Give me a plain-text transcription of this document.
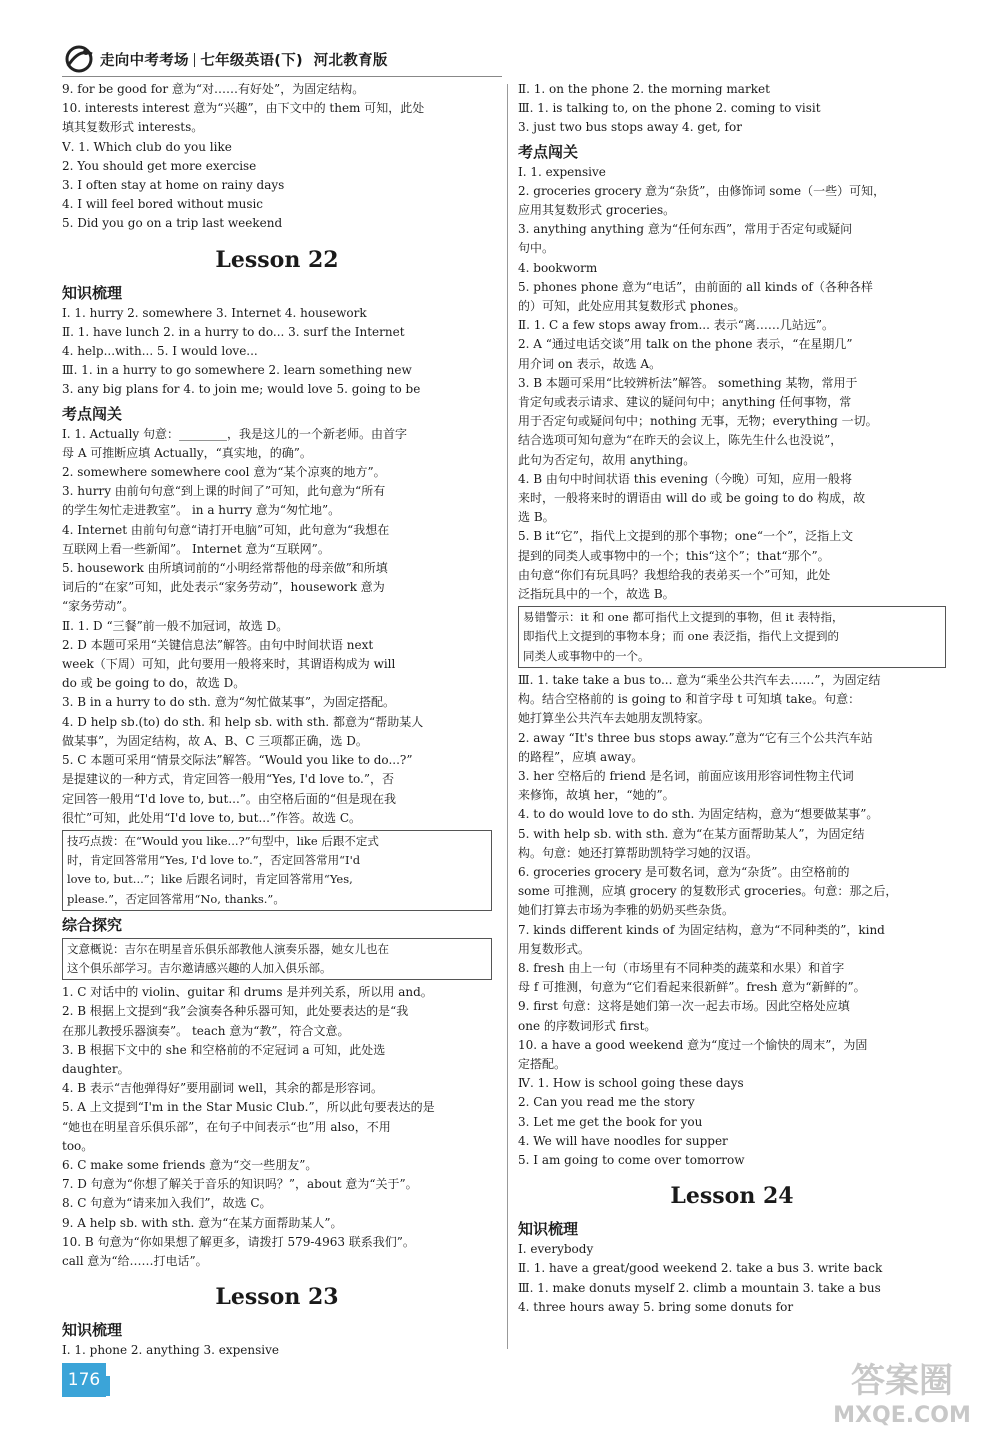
走向中考考场 七年级英语(下) 河北教育版
9. for be good for 意为“对……有好处”，为固定结构。
10. interests interest 意为“兴趣”，由下文中的 them 可知，此处
填其复数形式 interests。
Ⅴ. 1. Which club do you like
2. You should get more exercise
3. I often stay at home on rainy days
4. I will feel bored without music
5. Did you go on a trip last weekend
Lesson 22
知识梳理
Ⅰ. 1. hurry 2. somewhere 3. Internet 4. housework
Ⅱ. 1. have lunch 2. in a hurry to do... 3. surf the Internet
4. help...with... 5. I would love...
Ⅲ. 1. in a hurry to go somewhere 2. learn something new
3. any big plans for 4. to join me; would love 5. going to be
考点闯关
Ⅰ. 1. Actually 句意：________，我是这儿的一个新老师。由首字
母 A 可推断应填 Actually，“真实地，的确”。
2. somewhere somewhere cool 意为“某个凉爽的地方”。
3. hurry 由前句句意“到上课的时间了”可知，此句意为“所有
的学生匆忙走进教室”。 in a hurry 意为“匆忙地”。
4. Internet 由前句句意“请打开电脑”可知，此句意为“我想在
互联网上看一些新闻”。 Internet 意为“互联网”。
5. housework 由所填词前的“小明经常帮他的母亲做”和所填
词后的“在家”可知，此处表示“家务劳动”，housework 意为
“家务劳动”。
Ⅱ. 1. D “三餐”前一般不加冠词，故选 D。
2. D 本题可采用“关键信息法”解答。由句中时间状语 next
week（下周）可知，此句要用一般将来时，其谓语构成为 will
do 或 be going to do，故选 D。
3. B in a hurry to do sth. 意为“匆忙做某事”，为固定搭配。
4. D help sb.(to) do sth. 和 help sb. with sth. 都意为“帮助某人
做某事”，为固定结构，故 A、B、C 三项都正确，选 D。
5. C 本题可采用“情景交际法”解答。“Would you like to do...?”
是提建议的一种方式，肯定回答一般用“Yes, I'd love to.”，否
定回答一般用“I'd love to, but...”。由空格后面的“但是现在我
很忙”可知，此处用“I'd love to, but...”作答。故选 C。
技巧点拨：在“Would you like...?”句型中，like 后跟不定式
时，肯定回答常用“Yes, I'd love to.”，否定回答常用“I'd
love to, but...”；like 后跟名词时，肯定回答常用“Yes,
please.”，否定回答常用“No, thanks.”。
综合探究
文意概说：吉尔在明星音乐俱乐部教他人演奏乐器，她女儿也在
这个俱乐部学习。吉尔邀请感兴趣的人加入俱乐部。
1. C 对话中的 violin、guitar 和 drums 是并列关系，所以用 and。
2. B 根据上文提到“我”会演奏各种乐器可知，此处要表达的是“我
在那儿教授乐器演奏”。 teach 意为“教”，符合文意。
3. B 根据下文中的 she 和空格前的不定冠词 a 可知，此处选
daughter。
4. B 表示“吉他弹得好”要用副词 well，其余的都是形容词。
5. A 上文提到“I'm in the Star Music Club.”，所以此句要表达的是
“她也在明星音乐俱乐部”，在句子中间表示“也”用 also，不用
too。
6. C make some friends 意为“交一些朋友”。
7. D 句意为“你想了解关于音乐的知识吗？”，about 意为“关于”。
8. C 句意为“请来加入我们”，故选 C。
9. A help sb. with sth. 意为“在某方面帮助某人”。
10. B 句意为“你如果想了解更多，请拨打 579-4963 联系我们”。
call 意为“给……打电话”。
Lesson 23
知识梳理
Ⅰ. 1. phone 2. anything 3. expensive
Ⅱ. 1. on the phone 2. the morning market
Ⅲ. 1. is talking to, on the phone 2. coming to visit
3. just two bus stops away 4. get, for
考点闯关
Ⅰ. 1. expensive
2. groceries grocery 意为“杂货”，由修饰词 some（一些）可知，
应用其复数形式 groceries。
3. anything anything 意为“任何东西”，常用于否定句或疑问
句中。
4. bookworm
5. phones phone 意为“电话”，由前面的 all kinds of（各种各样
的）可知，此处应用其复数形式 phones。
Ⅱ. 1. C a few stops away from... 表示“离……几站远”。
2. A “通过电话交谈”用 talk on the phone 表示，“在星期几”
用介词 on 表示，故选 A。
3. B 本题可采用“比较辨析法”解答。 something 某物，常用于
肯定句或表示请求、建议的疑问句中；anything 任何事物，常
用于否定句或疑问句中；nothing 无事，无物；everything 一切。
结合选项可知句意为“在昨天的会议上，陈先生什么也没说”，
此句为否定句，故用 anything。
4. B 由句中时间状语 this evening（今晚）可知，应用一般将
来时，一般将来时的谓语由 will do 或 be going to do 构成，故
选 B。
5. B it“它”，指代上文提到的那个事物；one“一个”，泛指上文
提到的同类人或事物中的一个；this“这个”；that“那个”。
由句意“你们有玩具吗？我想给我的表弟买一个”可知，此处
泛指玩具中的一个，故选 B。
易错警示：it 和 one 都可指代上文提到的事物，但 it 表特指，
即指代上文提到的事物本身；而 one 表泛指，指代上文提到的
同类人或事物中的一个。
Ⅲ. 1. take take a bus to... 意为“乘坐公共汽车去……”，为固定结
构。结合空格前的 is going to 和首字母 t 可知填 take。句意：
她打算坐公共汽车去她朋友凯特家。
2. away “It's three bus stops away.”意为“它有三个公共汽车站
的路程”，应填 away。
3. her 空格后的 friend 是名词，前面应该用形容词性物主代词
来修饰，故填 her，“她的”。
4. to do would love to do sth. 为固定结构，意为“想要做某事”。
5. with help sb. with sth. 意为“在某方面帮助某人”，为固定结
构。句意：她还打算帮助凯特学习她的汉语。
6. groceries grocery 是可数名词，意为“杂货”。由空格前的
some 可推测，应填 grocery 的复数形式 groceries。句意：那之后，
她们打算去市场为李雅的奶奶买些杂货。
7. kinds different kinds of 为固定结构，意为“不同种类的”，kind
用复数形式。
8. fresh 由上一句（市场里有不同种类的蔬菜和水果）和首字
母 f 可推测，句意为“它们看起来很新鲜”。fresh 意为“新鲜的”。
9. first 句意：这将是她们第一次一起去市场。因此空格处应填
one 的序数词形式 first。
10. a have a good weekend 意为“度过一个愉快的周末”，为固
定搭配。
Ⅳ. 1. How is school going these days
2. Can you read me the story
3. Let me get the book for you
4. We will have noodles for supper
5. I am going to come over tomorrow
Lesson 24
知识梳理
Ⅰ. everybody
Ⅱ. 1. have a great/good weekend 2. take a bus 3. write back
Ⅲ. 1. make donuts myself 2. climb a mountain 3. take a bus
4. three hours away 5. bring some donuts for
176	答案圈
MXQE.COM
